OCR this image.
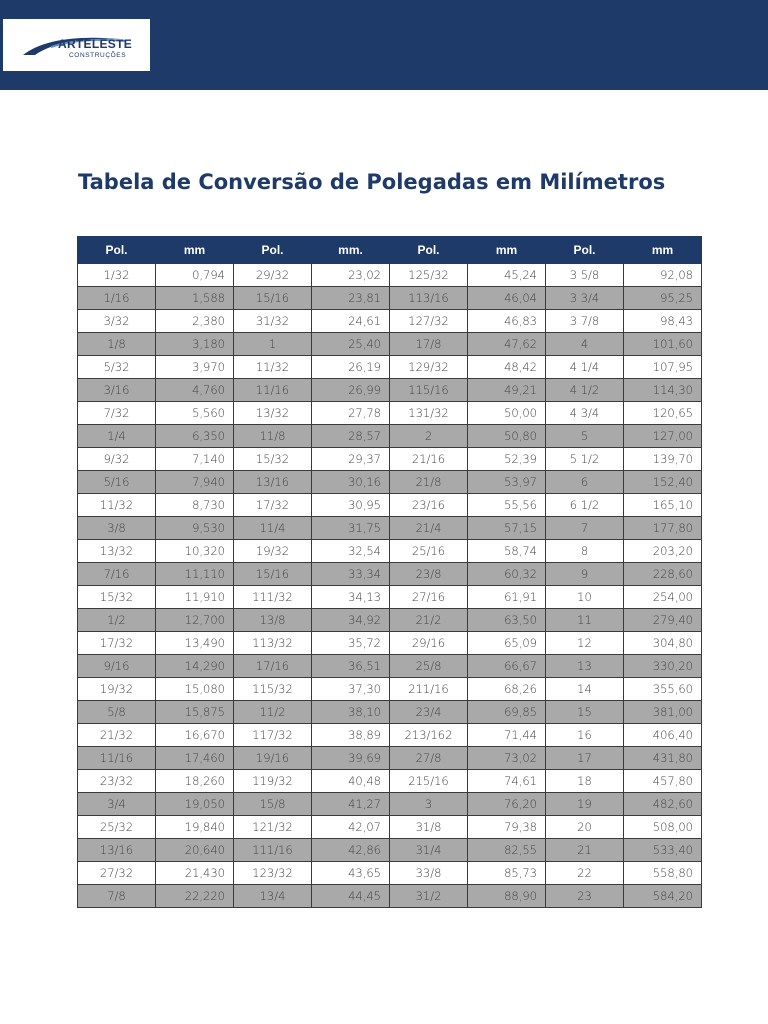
ARTELESTE
CONSTRUÇÕES
Tabela de Conversão de Polegadas em Milímetros
Pol.	mm	Pol.	mm.	Pol.	mm	Pol.	mm
1/32	0,794	29/32	23,02	125/32	45,24	3 5/8	92,08
1/16	1,588	15/16	23,81	113/16	46,04	3 3/4	95,25
3/32	2,380	31/32	24,61	127/32	46,83	3 7/8	98,43
1/8	3,180	1	25,40	17/8	47,62	4	101,60
5/32	3,970	11/32	26,19	129/32	48,42	4 1/4	107,95
3/16	4,760	11/16	26,99	115/16	49,21	4 1/2	114,30
7/32	5,560	13/32	27,78	131/32	50,00	4 3/4	120,65
1/4	6,350	11/8	28,57	2	50,80	5	127,00
9/32	7,140	15/32	29,37	21/16	52,39	5 1/2	139,70
5/16	7,940	13/16	30,16	21/8	53,97	6	152,40
11/32	8,730	17/32	30,95	23/16	55,56	6 1/2	165,10
3/8	9,530	11/4	31,75	21/4	57,15	7	177,80
13/32	10,320	19/32	32,54	25/16	58,74	8	203,20
7/16	11,110	15/16	33,34	23/8	60,32	9	228,60
15/32	11,910	111/32	34,13	27/16	61,91	10	254,00
1/2	12,700	13/8	34,92	21/2	63,50	11	279,40
17/32	13,490	113/32	35,72	29/16	65,09	12	304,80
9/16	14,290	17/16	36,51	25/8	66,67	13	330,20
19/32	15,080	115/32	37,30	211/16	68,26	14	355,60
5/8	15,875	11/2	38,10	23/4	69,85	15	381,00
21/32	16,670	117/32	38,89	213/162	71,44	16	406,40
11/16	17,460	19/16	39,69	27/8	73,02	17	431,80
23/32	18,260	119/32	40,48	215/16	74,61	18	457,80
3/4	19,050	15/8	41,27	3	76,20	19	482,60
25/32	19,840	121/32	42,07	31/8	79,38	20	508,00
13/16	20,640	111/16	42,86	31/4	82,55	21	533,40
27/32	21,430	123/32	43,65	33/8	85,73	22	558,80
7/8	22,220	13/4	44,45	31/2	88,90	23	584,20
